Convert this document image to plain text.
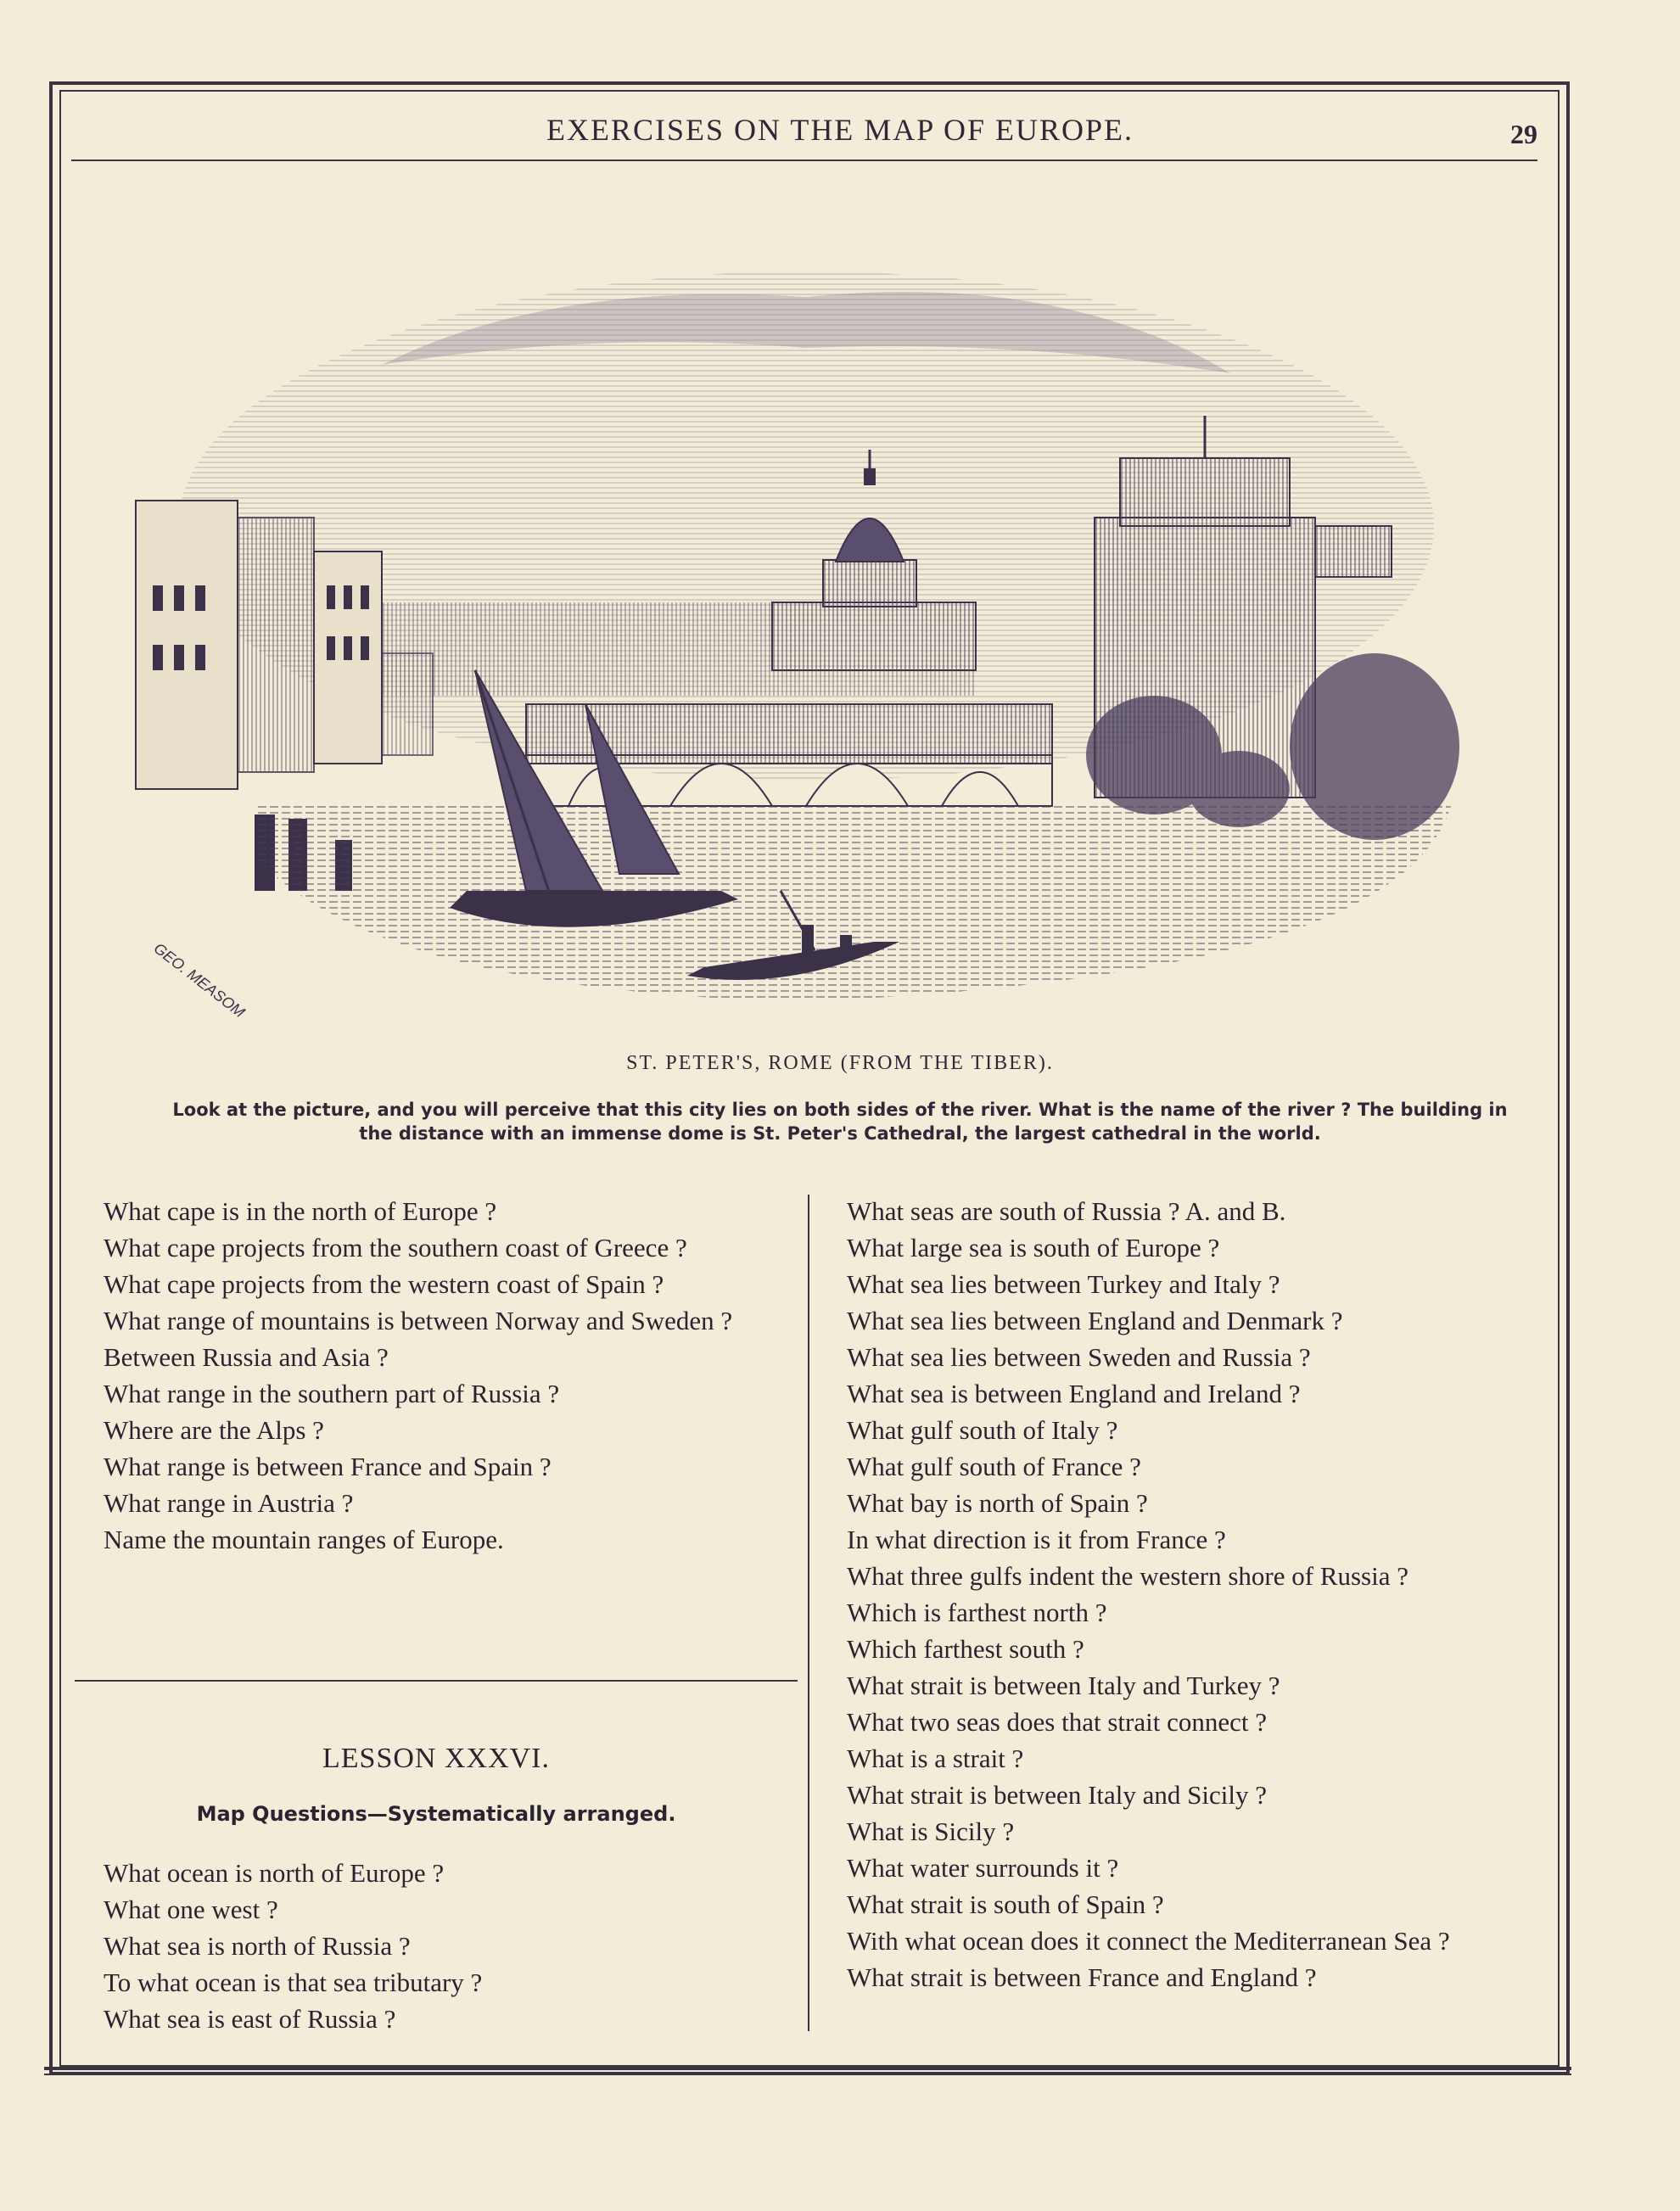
EXERCISES ON THE MAP OF EUROPE.	29
GEO. MEASOM
ST. PETER'S, ROME (FROM THE TIBER).
Look at the picture, and you will perceive that this city lies on both sides of the river. What is the name of the river ? The building in
the distance with an immense dome is St. Peter's Cathedral, the largest cathedral in the world.

What cape is in the north of Europe ?

What cape projects from the southern coast of Greece ?

What cape projects from the western coast of Spain ?

What range of mountains is between Norway and Sweden ?

Between Russia and Asia ?

What range in the southern part of Russia ?

Where are the Alps ?

What range is between France and Spain ?

What range in Austria ?

Name the mountain ranges of Europe.

LESSON XXXVI.
Map Questions—Systematically arranged.

What ocean is north of Europe ?

What one west ?

What sea is north of Russia ?

To what ocean is that sea tributary ?

What sea is east of Russia ?

What seas are south of Russia ? A. and B.

What large sea is south of Europe ?

What sea lies between Turkey and Italy ?

What sea lies between England and Denmark ?

What sea lies between Sweden and Russia ?

What sea is between England and Ireland ?

What gulf south of Italy ?

What gulf south of France ?

What bay is north of Spain ?

In what direction is it from France ?

What three gulfs indent the western shore of Russia ?

Which is farthest north ?

Which farthest south ?

What strait is between Italy and Turkey ?

What two seas does that strait connect ?

What is a strait ?

What strait is between Italy and Sicily ?

What is Sicily ?

What water surrounds it ?

What strait is south of Spain ?

With what ocean does it connect the Mediterranean Sea ?

What strait is between France and England ?
